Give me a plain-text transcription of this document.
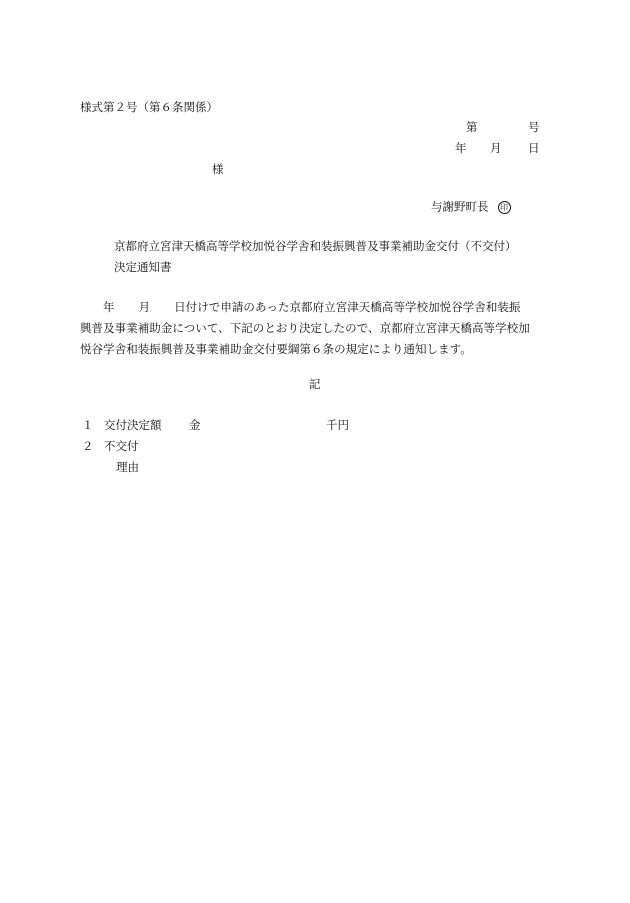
様式第２号（第６条関係）
第	号
年 月 日
様
与謝野町長 印
京都府立宮津天橋高等学校加悦谷学舎和装振興普及事業補助金交付（不交付）
決定通知書

年 月 日付けで申請のあった京都府立宮津天橋高等学校加悦谷学舎和装振

興普及事業補助金について、下記のとおり決定したので、京都府立宮津天橋高等学校加

悦谷学舎和装振興普及事業補助金交付要綱第６条の規定により通知します。

記
１ 交付決定額 金	千円
２ 不交付
理由
